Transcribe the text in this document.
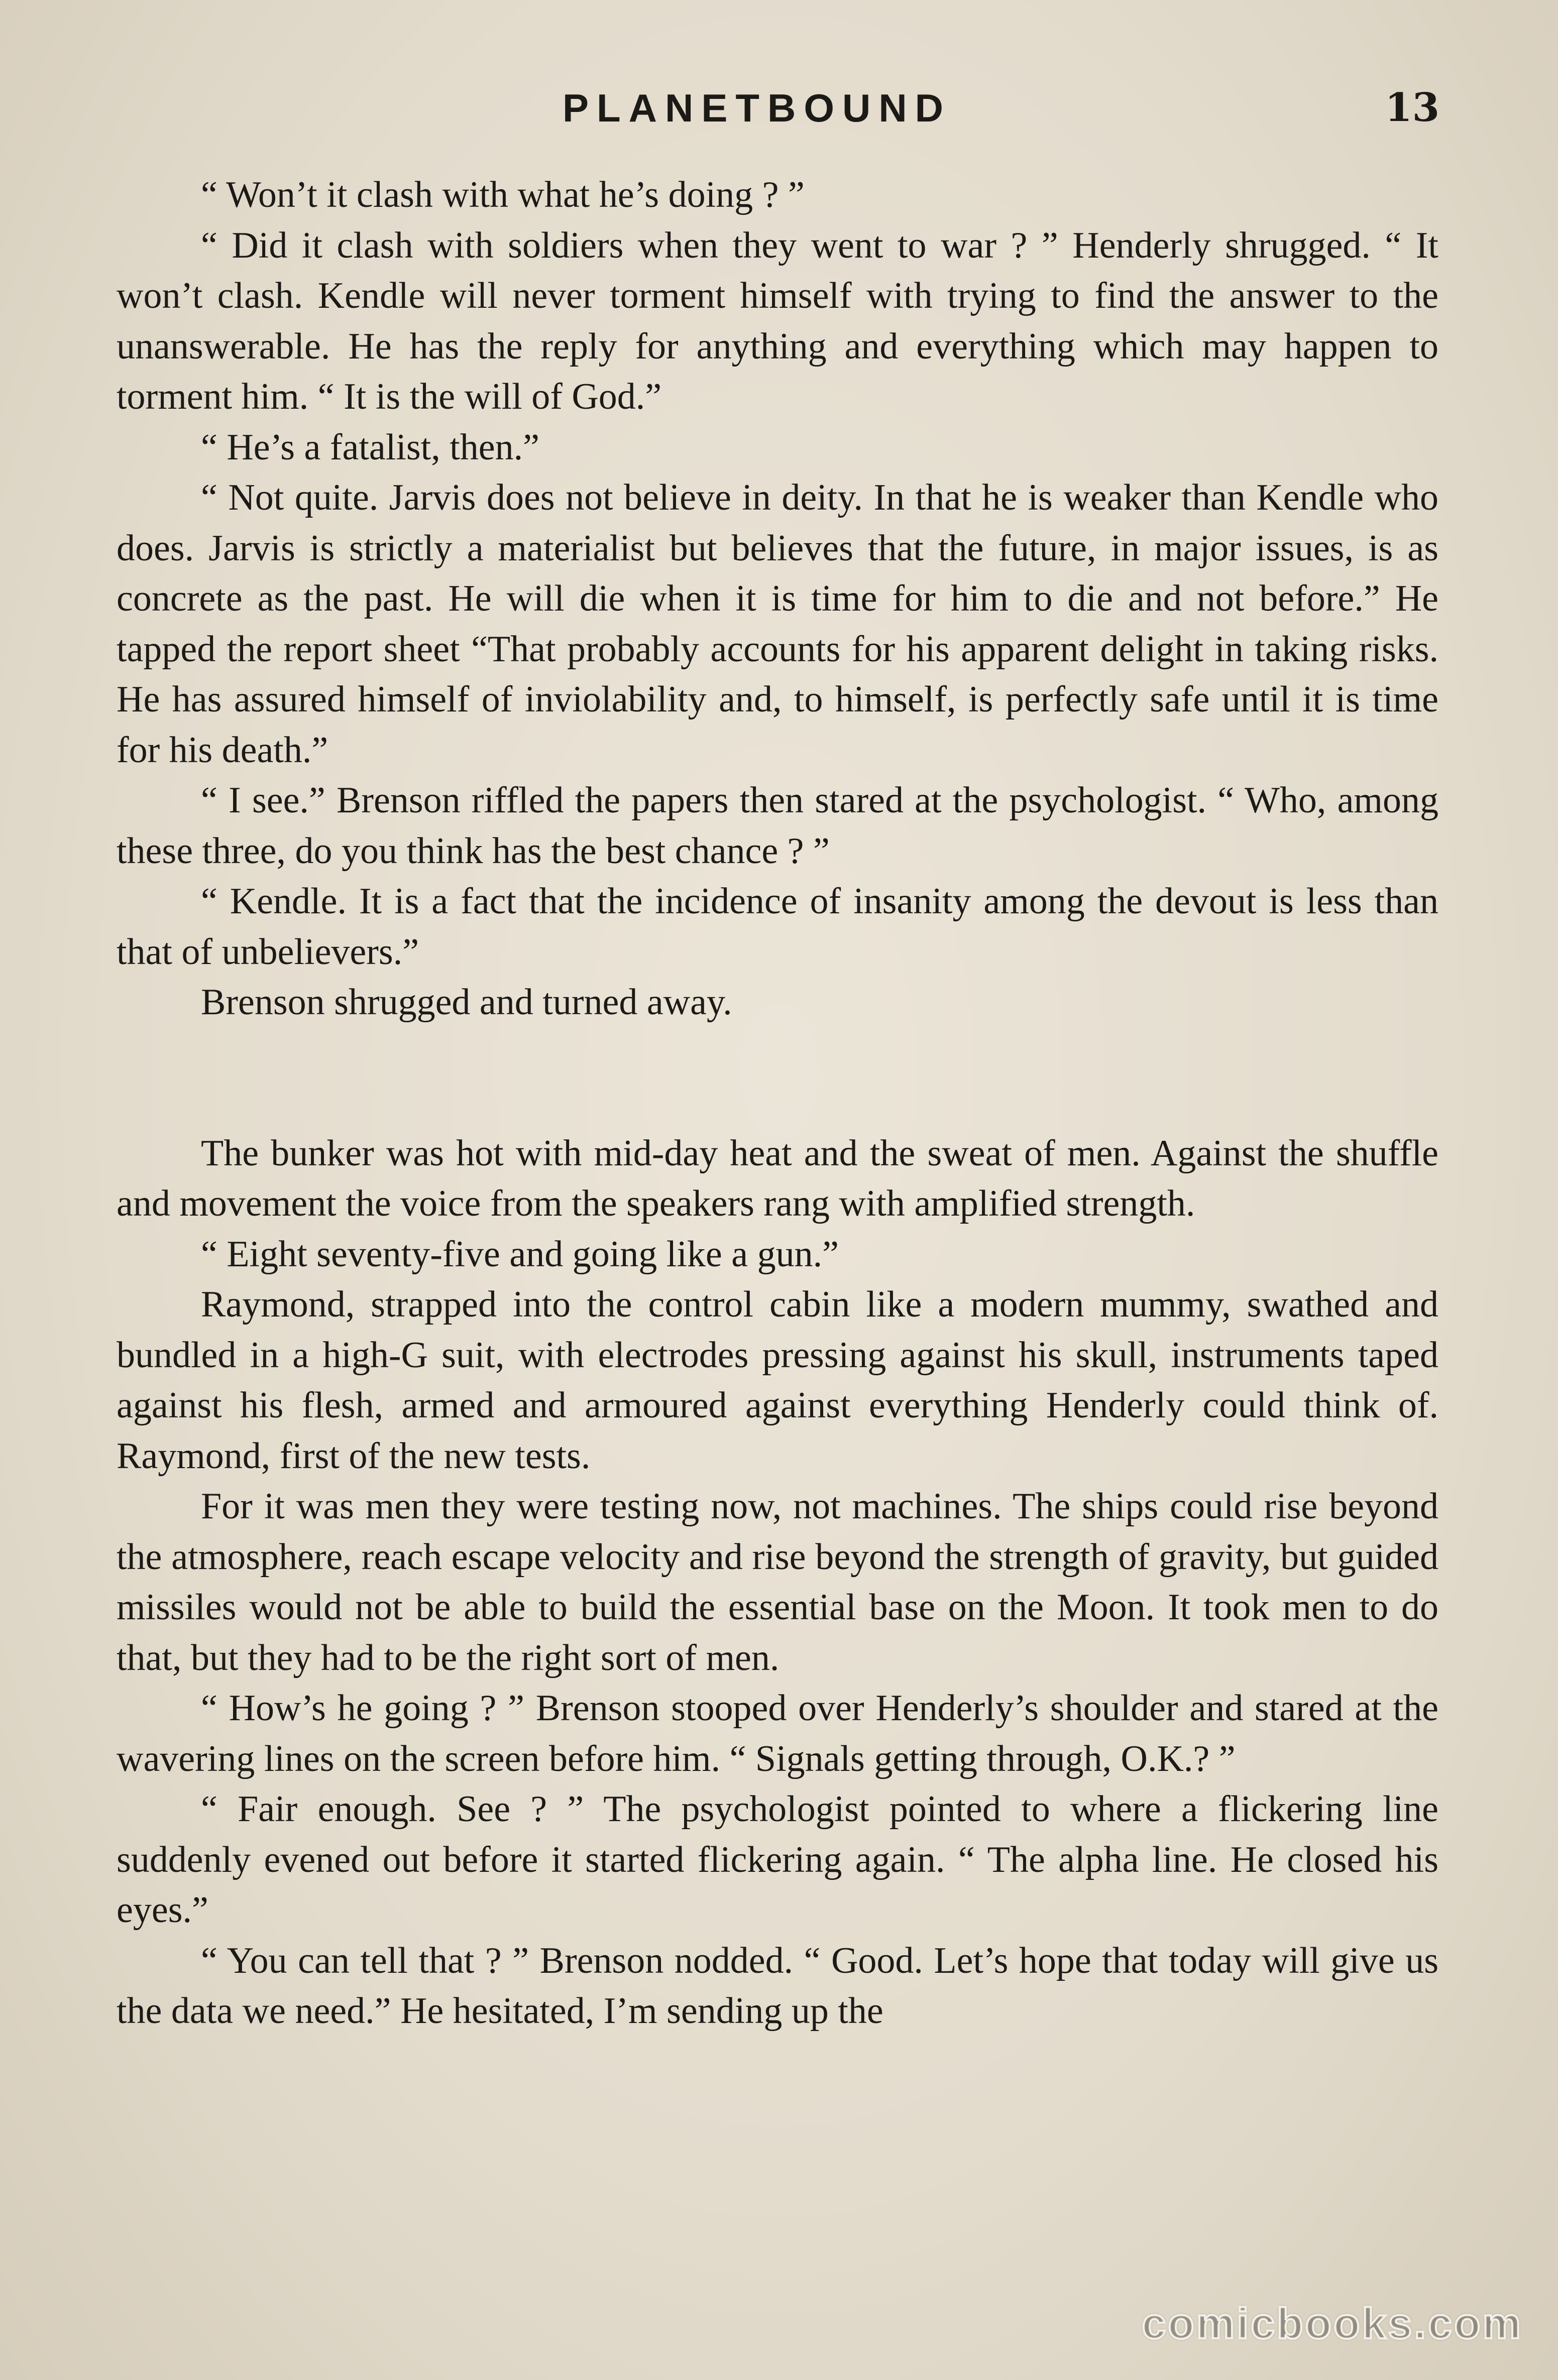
PLANETBOUND	13

“ Won’t it clash with what he’s doing ? ”

“ Did it clash with soldiers when they went to war ? ” Henderly shrugged. “ It won’t clash. Kendle will never torment himself with trying to find the answer to the unanswerable. He has the reply for anything and everything which may happen to torment him. “ It is the will of God.”

“ He’s a fatalist, then.”

“ Not quite. Jarvis does not believe in deity. In that he is weaker than Kendle who does. Jarvis is strictly a materialist but believes that the future, in major issues, is as concrete as the past. He will die when it is time for him to die and not before.” He tapped the report sheet “That probably accounts for his apparent delight in taking risks. He has assured himself of inviolability and, to himself, is perfectly safe until it is time for his death.”

“ I see.” Brenson riffled the papers then stared at the psychologist. “ Who, among these three, do you think has the best chance ? ”

“ Kendle. It is a fact that the incidence of insanity among the devout is less than that of unbelievers.”

Brenson shrugged and turned away.

The bunker was hot with mid-day heat and the sweat of men. Against the shuffle and movement the voice from the speakers rang with amplified strength.

“ Eight seventy-five and going like a gun.”

Raymond, strapped into the control cabin like a modern mummy, swathed and bundled in a high-G suit, with electrodes pressing against his skull, instruments taped against his flesh, armed and armoured against everything Henderly could think of. Raymond, first of the new tests.

For it was men they were testing now, not machines. The ships could rise beyond the atmosphere, reach escape velocity and rise beyond the strength of gravity, but guided missiles would not be able to build the essential base on the Moon. It took men to do that, but they had to be the right sort of men.

“ How’s he going ? ” Brenson stooped over Henderly’s shoulder and stared at the wavering lines on the screen before him. “ Signals getting through, O.K.? ”

“ Fair enough. See ? ” The psychologist pointed to where a flickering line suddenly evened out before it started flickering again. “ The alpha line. He closed his eyes.”

“ You can tell that ? ” Brenson nodded. “ Good. Let’s hope that today will give us the data we need.” He hesitated, I’m sending up the

comicbooks.com
